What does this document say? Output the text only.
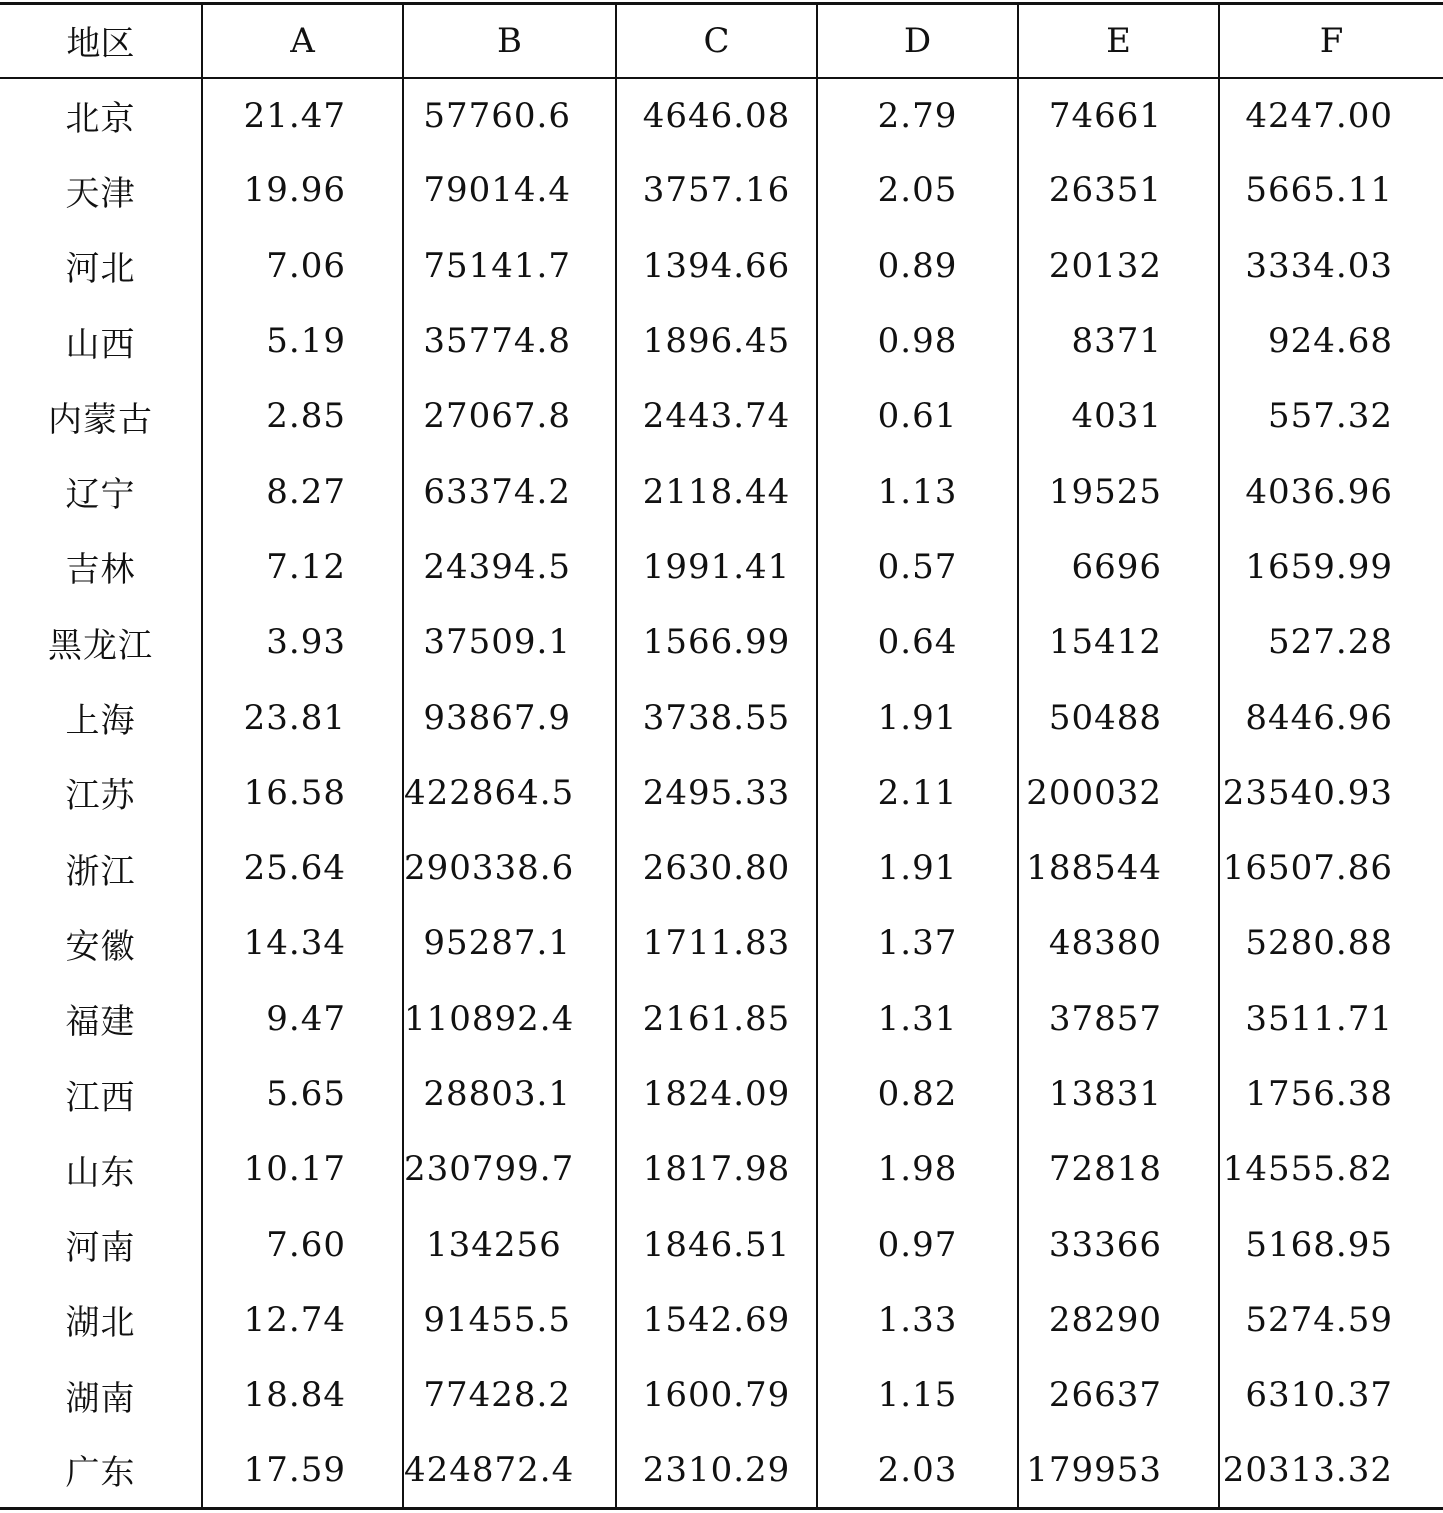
地区	A	B	C	D	E	F
北京	21.47	57760.6	4646.08	2.79	74661	4247.00
天津	19.96	79014.4	3757.16	2.05	26351	5665.11
河北	7.06	75141.7	1394.66	0.89	20132	3334.03
山西	5.19	35774.8	1896.45	0.98	8371	924.68
内蒙古	2.85	27067.8	2443.74	0.61	4031	557.32
辽宁	8.27	63374.2	2118.44	1.13	19525	4036.96
吉林	7.12	24394.5	1991.41	0.57	6696	1659.99
黑龙江	3.93	37509.1	1566.99	0.64	15412	527.28
上海	23.81	93867.9	3738.55	1.91	50488	8446.96
江苏	16.58	422864.5	2495.33	2.11	200032	23540.93
浙江	25.64	290338.6	2630.80	1.91	188544	16507.86
安徽	14.34	95287.1	1711.83	1.37	48380	5280.88
福建	9.47	110892.4	2161.85	1.31	37857	3511.71
江西	5.65	28803.1	1824.09	0.82	13831	1756.38
山东	10.17	230799.7	1817.98	1.98	72818	14555.82
河南	7.60	134256	1846.51	0.97	33366	5168.95
湖北	12.74	91455.5	1542.69	1.33	28290	5274.59
湖南	18.84	77428.2	1600.79	1.15	26637	6310.37
广东	17.59	424872.4	2310.29	2.03	179953	20313.32
